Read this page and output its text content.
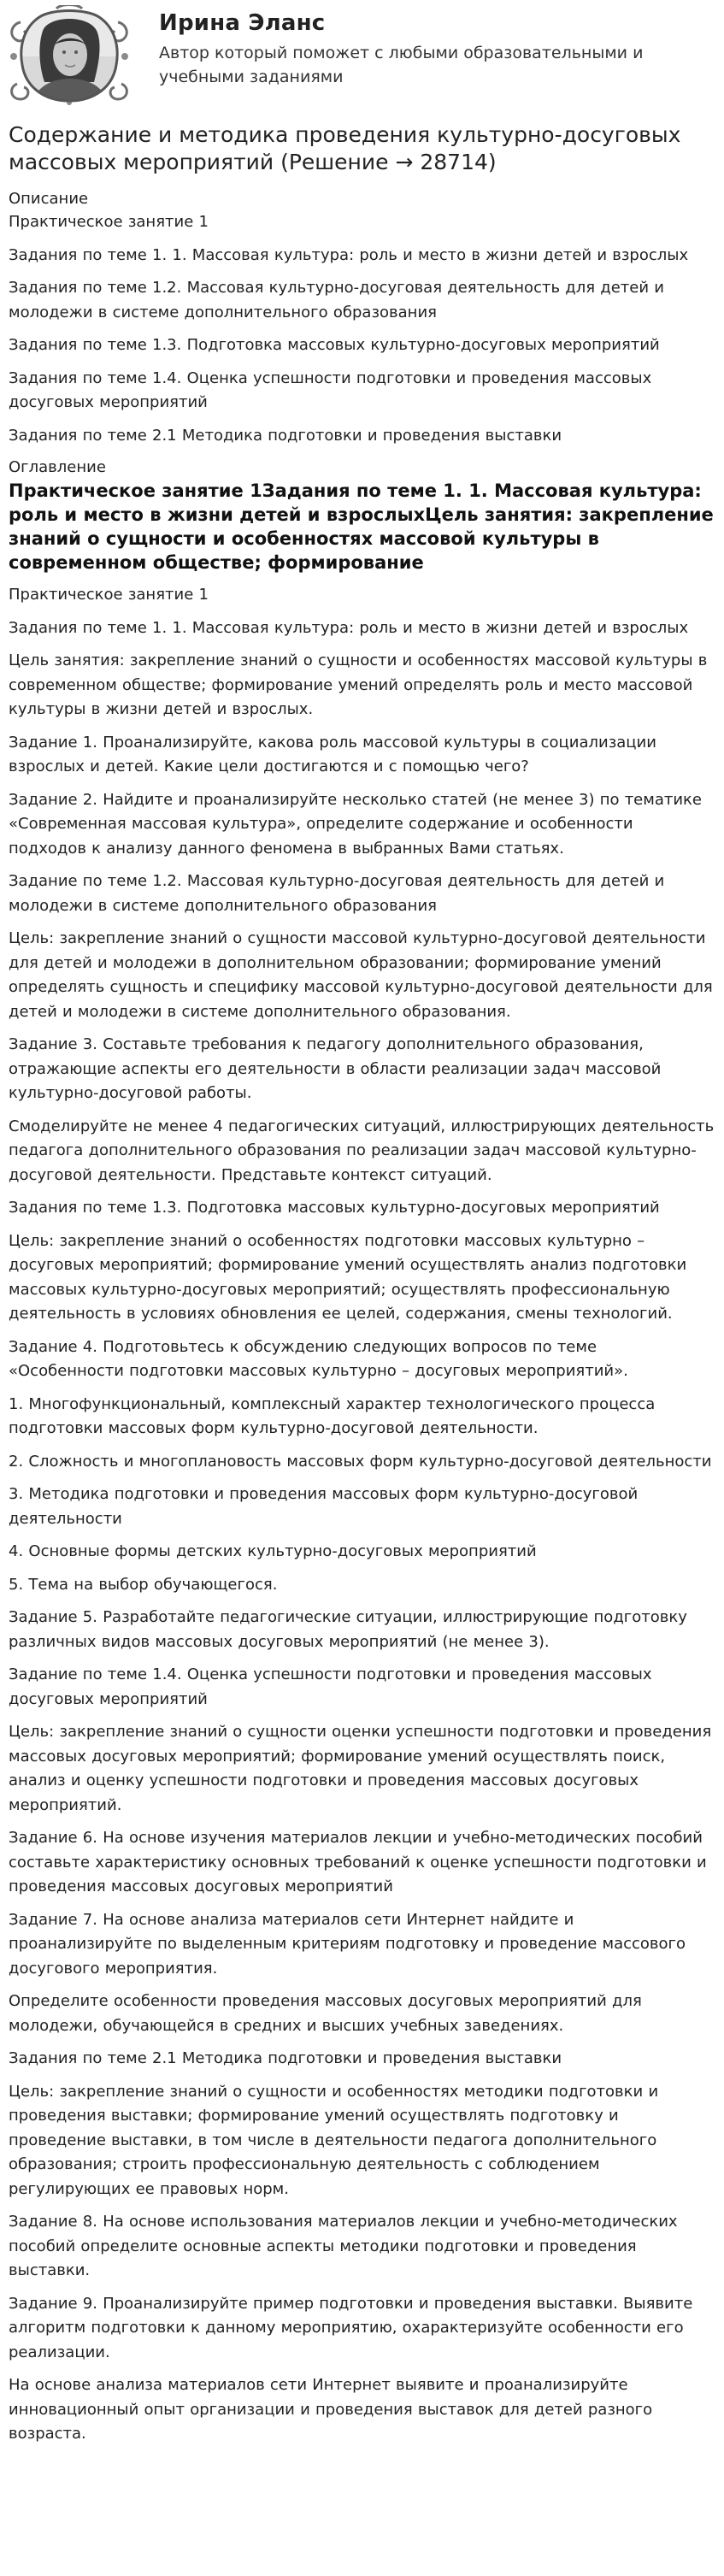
Ирина Эланс
Автор который поможет с любыми образовательными и учебными заданиями
Содержание и методика проведения культурно-досуговых массовых мероприятий (Решение → 28714)

Описание

Практическое занятие 1

Задания по теме 1. 1. Массовая культура: роль и место в жизни детей и взрослых

Задания по теме 1.2. Массовая культурно-досуговая деятельность для детей и молодежи в системе дополнительного образования

Задания по теме 1.3. Подготовка массовых культурно-досуговых мероприятий

Задания по теме 1.4. Оценка успешности подготовки и проведения массовых досуговых мероприятий

Задания по теме 2.1 Методика подготовки и проведения выставки

Оглавление

Практическое занятие 1Задания по теме 1. 1. Массовая культура: роль и место в жизни детей и взрослыхЦель занятия: закрепление знаний о сущности и особенностях массовой культуры в современном обществе; формирование

Практическое занятие 1

Задания по теме 1. 1. Массовая культура: роль и место в жизни детей и взрослых

Цель занятия: закрепление знаний о сущности и особенностях массовой культуры в современном обществе; формирование умений определять роль и место массовой культуры в жизни детей и взрослых.

Задание 1. Проанализируйте, какова роль массовой культуры в социализации взрослых и детей. Какие цели достигаются и с помощью чего?

Задание 2. Найдите и проанализируйте несколько статей (не менее 3) по тематике «Современная массовая культура», определите содержание и особенности подходов к анализу данного феномена в выбранных Вами статьях.

Задание по теме 1.2. Массовая культурно-досуговая деятельность для детей и молодежи в системе дополнительного образования

Цель: закрепление знаний о сущности массовой культурно-досуговой деятельности для детей и молодежи в дополнительном образовании; формирование умений определять сущность и специфику массовой культурно-досуговой деятельности для детей и молодежи в системе дополнительного образования.

Задание 3. Составьте требования к педагогу дополнительного образования, отражающие аспекты его деятельности в области реализации задач массовой культурно-досуговой работы.

Смоделируйте не менее 4 педагогических ситуаций, иллюстрирующих деятельность педагога дополнительного образования по реализации задач массовой культурно-досуговой деятельности. Представьте контекст ситуаций.

Задания по теме 1.3. Подготовка массовых культурно-досуговых мероприятий

Цель: закрепление знаний о особенностях подготовки массовых культурно – досуговых мероприятий; формирование умений осуществлять анализ подготовки массовых культурно-досуговых мероприятий; осуществлять профессиональную деятельность в условиях обновления ее целей, содержания, смены технологий.

Задание 4. Подготовьтесь к обсуждению следующих вопросов по теме «Особенности подготовки массовых культурно – досуговых мероприятий».

1. Многофункциональный, комплексный характер технологического процесса подготовки массовых форм культурно-досуговой деятельности.

2. Сложность и многоплановость массовых форм культурно-досуговой деятельности

3. Методика подготовки и проведения массовых форм культурно-досуговой деятельности

4. Основные формы детских культурно-досуговых мероприятий

5. Тема на выбор обучающегося.

Задание 5. Разработайте педагогические ситуации, иллюстрирующие подготовку различных видов массовых досуговых мероприятий (не менее 3).

Задание по теме 1.4. Оценка успешности подготовки и проведения массовых досуговых мероприятий

Цель: закрепление знаний о сущности оценки успешности подготовки и проведения массовых досуговых мероприятий; формирование умений осуществлять поиск, анализ и оценку успешности подготовки и проведения массовых досуговых мероприятий.

Задание 6. На основе изучения материалов лекции и учебно-методических пособий составьте характеристику основных требований к оценке успешности подготовки и проведения массовых досуговых мероприятий

Задание 7. На основе анализа материалов сети Интернет найдите и проанализируйте по выделенным критериям подготовку и проведение массового досугового мероприятия.

Определите особенности проведения массовых досуговых мероприятий для молодежи, обучающейся в средних и высших учебных заведениях.

Задания по теме 2.1 Методика подготовки и проведения выставки

Цель: закрепление знаний о сущности и особенностях методики подготовки и проведения выставки; формирование умений осуществлять подготовку и проведение выставки, в том числе в деятельности педагога дополнительного образования; строить профессиональную деятельность с соблюдением регулирующих ее правовых норм.

Задание 8. На основе использования материалов лекции и учебно-методических пособий определите основные аспекты методики подготовки и проведения выставки.

Задание 9. Проанализируйте пример подготовки и проведения выставки. Выявите алгоритм подготовки к данному мероприятию, охарактеризуйте особенности его реализации.

На основе анализа материалов сети Интернет выявите и проанализируйте инновационный опыт организации и проведения выставок для детей разного возраста.
